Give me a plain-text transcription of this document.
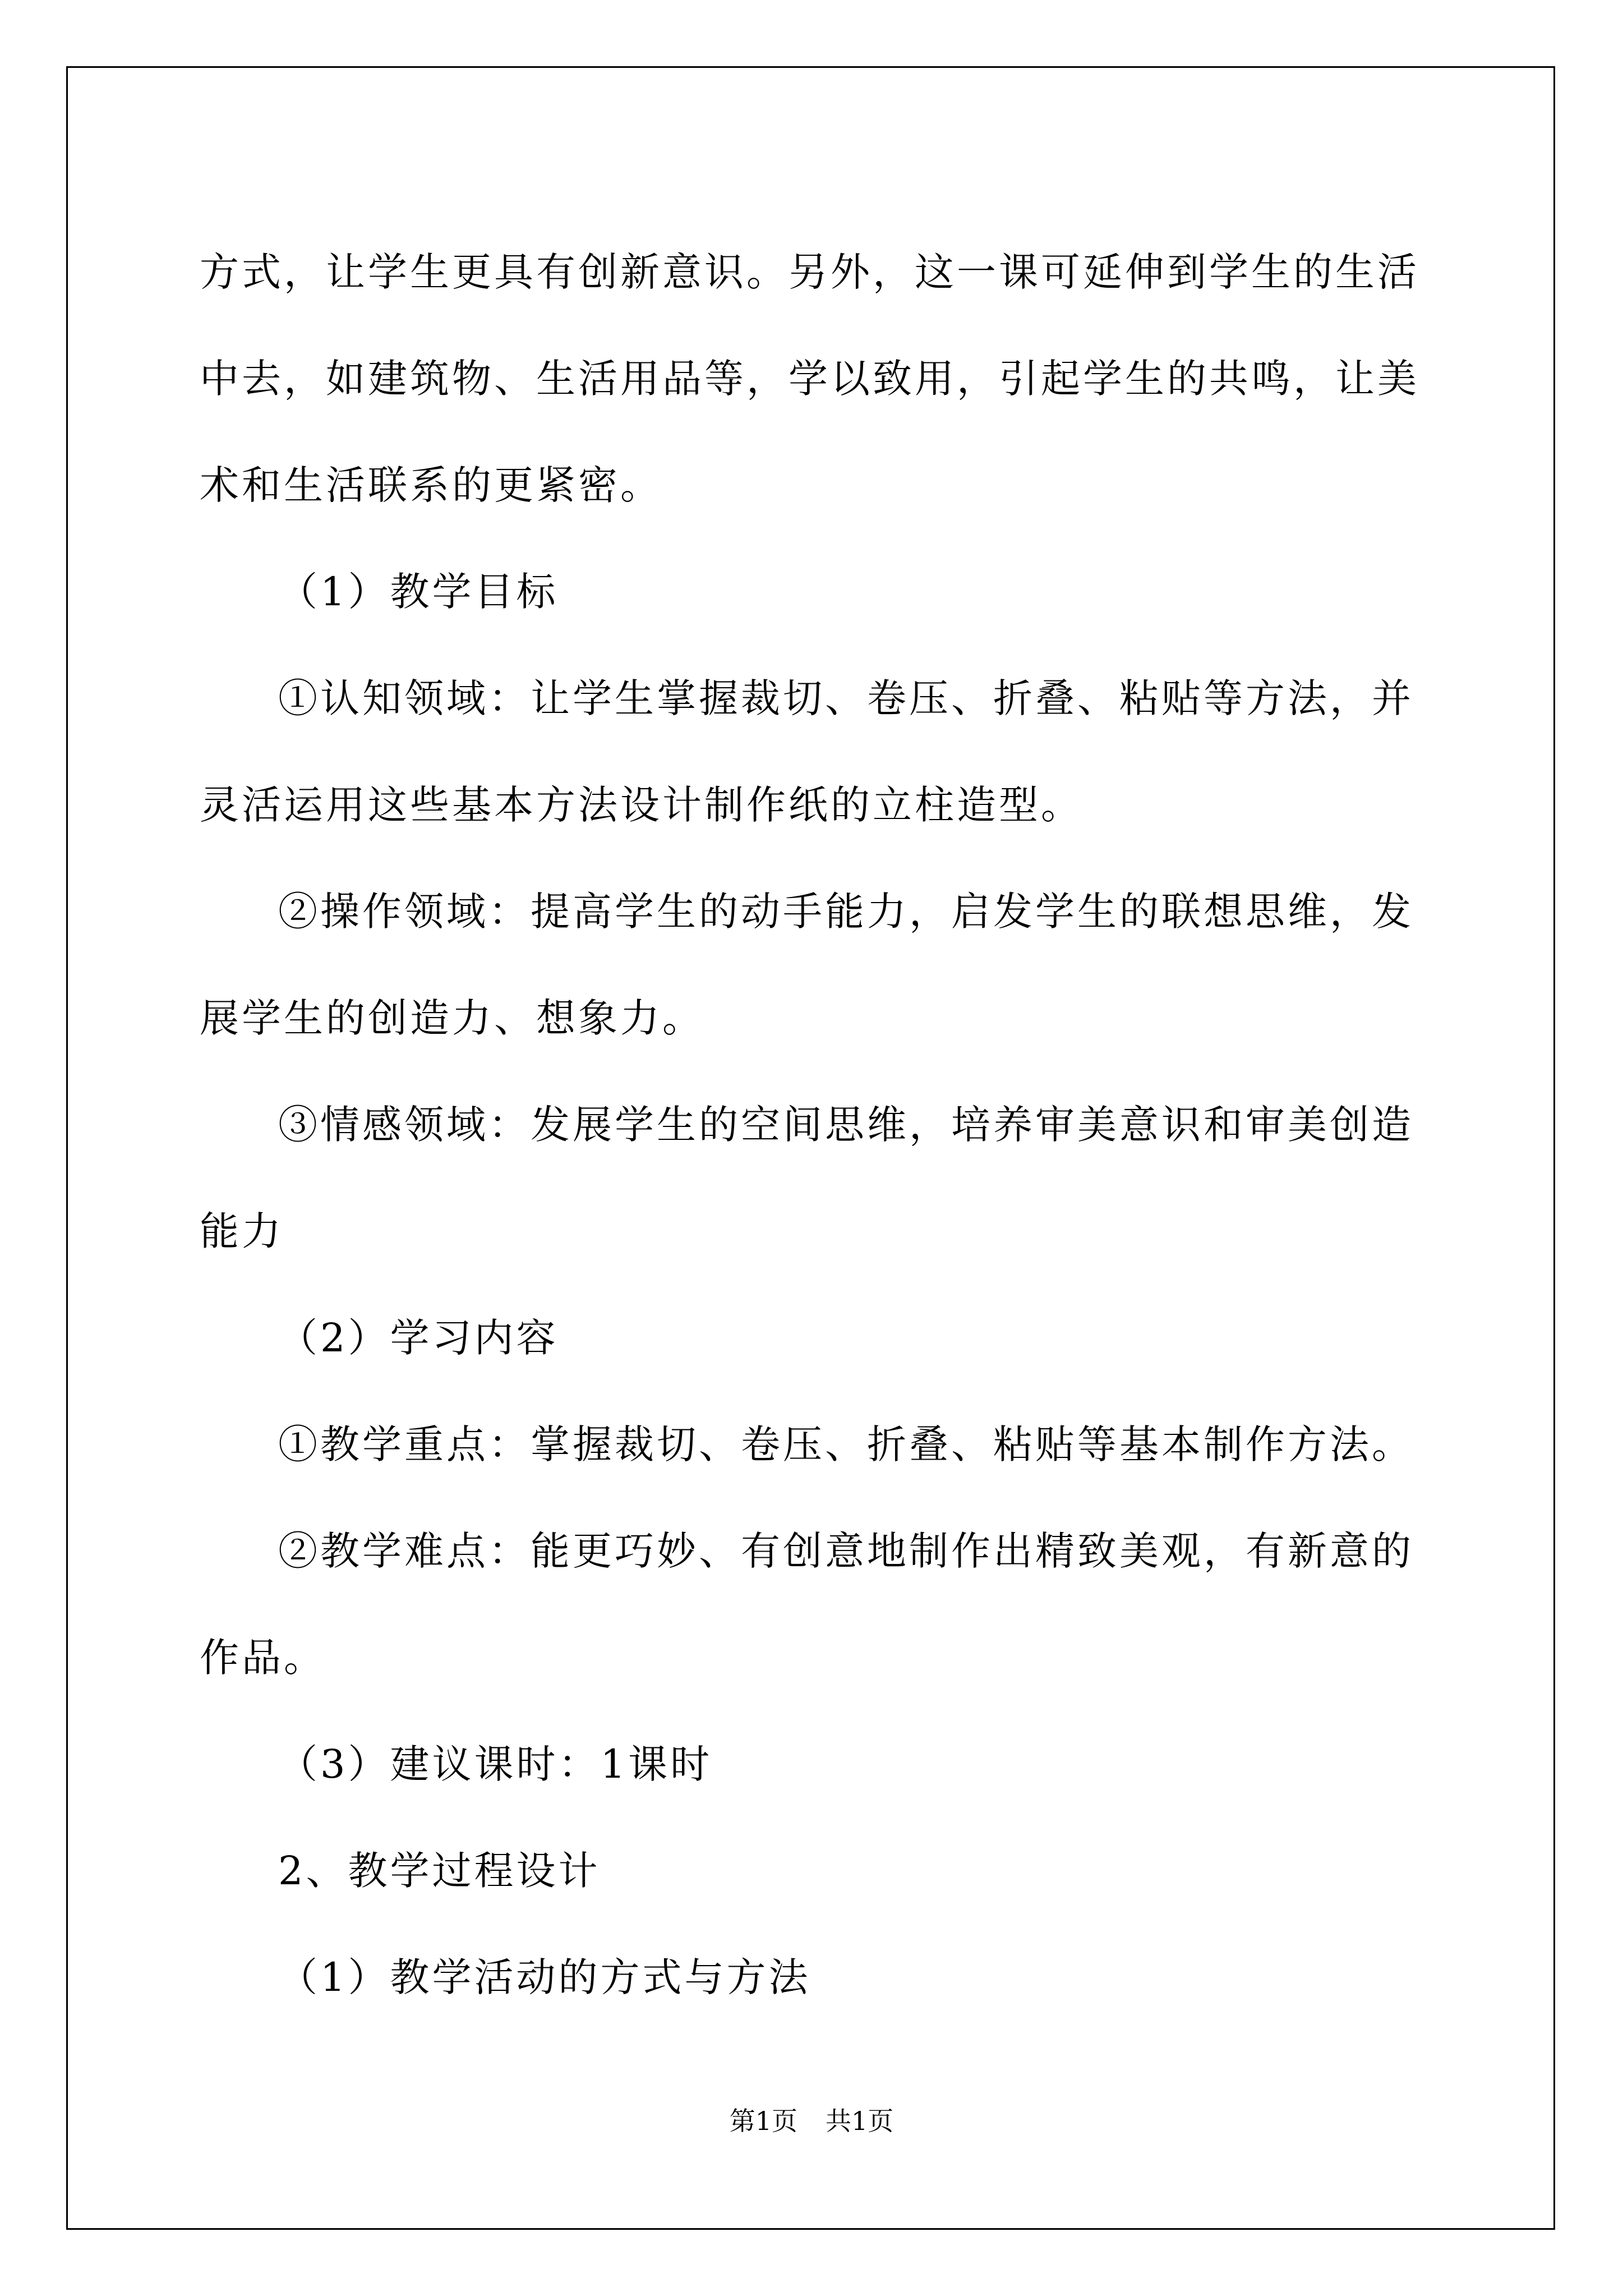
方式，让学生更具有创新意识。另外，这一课可延伸到学生的生活中去，如建筑物、生活用品等，学以致用，引起学生的共鸣，让美术和生活联系的更紧密。

（1）教学目标

①认知领域：让学生掌握裁切、卷压、折叠、粘贴等方法，并灵活运用这些基本方法设计制作纸的立柱造型。

②操作领域：提高学生的动手能力，启发学生的联想思维，发展学生的创造力、想象力。

③情感领域：发展学生的空间思维，培养审美意识和审美创造能力

（2）学习内容

①教学重点：掌握裁切、卷压、折叠、粘贴等基本制作方法。

②教学难点：能更巧妙、有创意地制作出精致美观，有新意的作品。

（3）建议课时：1课时

2、教学过程设计

（1）教学活动的方式与方法

第1页 共1页
